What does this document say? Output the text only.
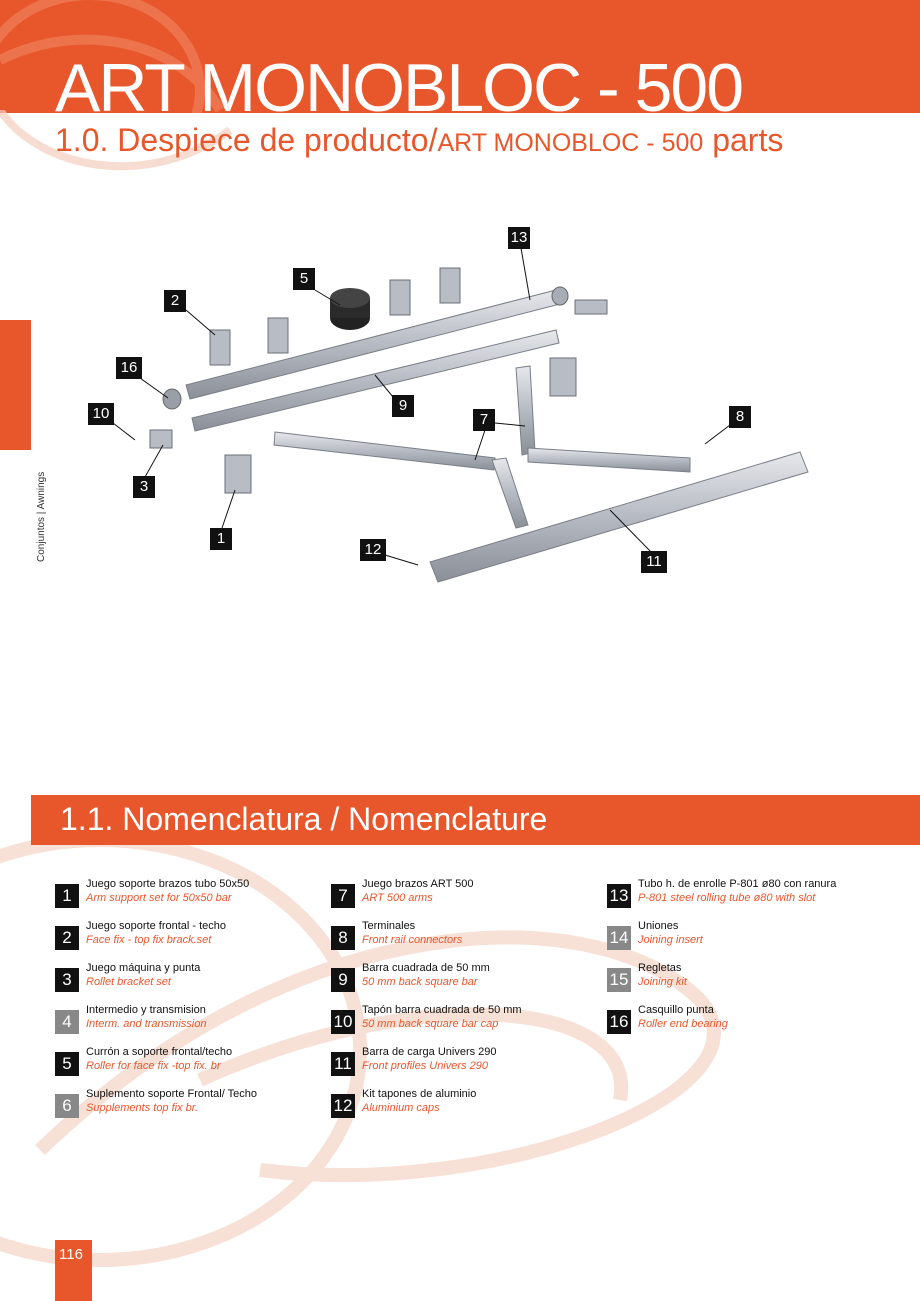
ART MONOBLOC - 500
1.0. Despiece de producto/ART MONOBLOC - 500 parts
Conjuntos | Awnings
13
5
2
16
10
3
1
9
7	8
12
11
1.1. Nomenclatura / Nomenclature
1
Juego soporte brazos tubo 50x50
Arm support set for 50x50 bar
2
Juego soporte frontal - techo
Face fix - top fix brack.set
3
Juego máquina y punta
Rollet bracket set
4
Intermedio y transmision
Interm. and transmission
5
Currón a soporte frontal/techo
Roller for face fix -top fix. br
6
Suplemento soporte Frontal/ Techo
Supplements top fix br.
7
Juego brazos ART 500
ART 500 arms
8
Terminales
Front rail connectors
9
Barra cuadrada de 50 mm
50 mm back square bar
10
Tapón barra cuadrada de 50 mm
50 mm back square bar cap
11
Barra de carga Univers 290
Front profiles Univers 290
12
Kit tapones de aluminio
Aluminium caps
13
Tubo h. de enrolle P-801 ø80 con ranura
P-801 steel rolling tube ø80 with slot
14
Uniones
Joining insert
15
Regletas
Joining kit
16
Casquillo punta
Roller end bearing
116
